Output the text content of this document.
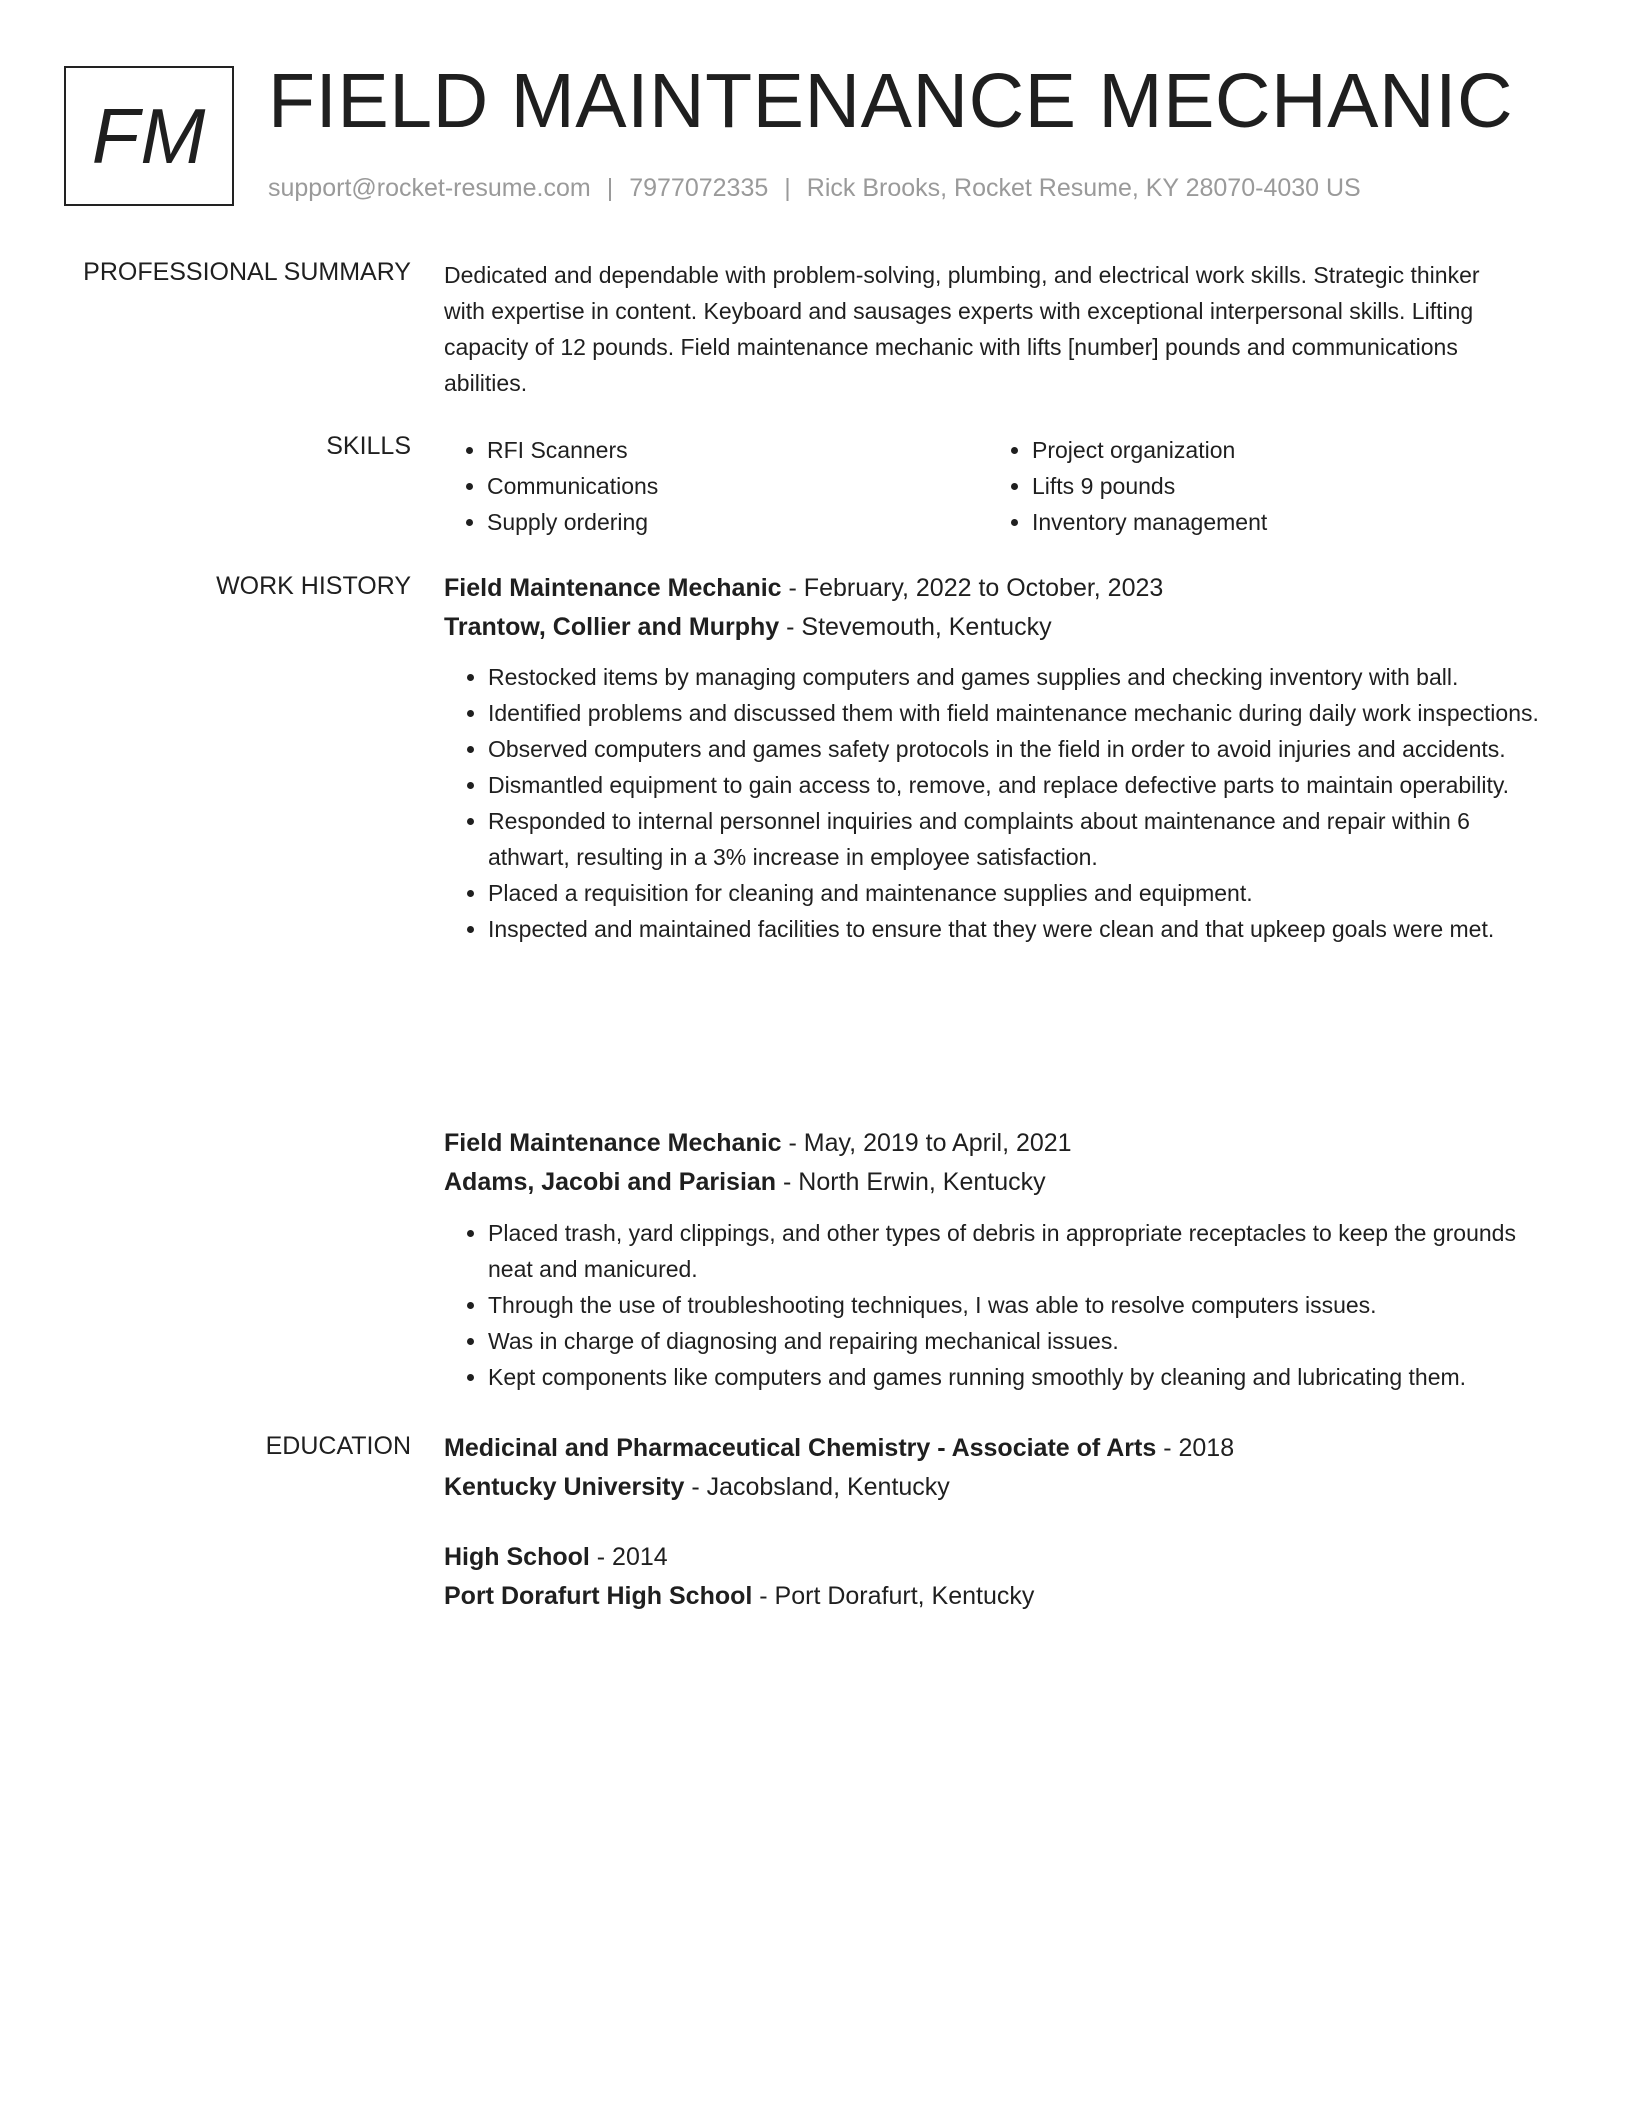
FM FIELD MAINTENANCE MECHANIC
support@rocket-resume.com | 7977072335 | Rick Brooks, Rocket Resume, KY 28070-4030 US
PROFESSIONAL SUMMARY Dedicated and dependable with problem-solving, plumbing, and electrical work skills. Strategic thinker with expertise in content. Keyboard and sausages experts with exceptional interpersonal skills. Lifting capacity of 12 pounds. Field maintenance mechanic with lifts [number] pounds and communications abilities.
SKILLS
•	RFI Scanners
• Communications
• Supply ordering
• Project organization
• Lifts 9 pounds
• Inventory management
WORK HISTORY Field Maintenance Mechanic - February, 2022 to October, 2023
Trantow, Collier and Murphy - Stevemouth, Kentucky
• Restocked items by managing computers and games supplies and checking inventory with ball.
• Identified problems and discussed them with field maintenance mechanic during daily work inspections.
• Observed computers and games safety protocols in the field in order to avoid injuries and accidents.
• Dismantled equipment to gain access to, remove, and replace defective parts to maintain operability.
• Responded to internal personnel inquiries and complaints about maintenance and repair within 6 athwart, resulting in a 3% increase in employee satisfaction.
• Placed a requisition for cleaning and maintenance supplies and equipment.
• Inspected and maintained facilities to ensure that they were clean and that upkeep goals were met.
Field Maintenance Mechanic - May, 2019 to April, 2021
Adams, Jacobi and Parisian - North Erwin, Kentucky
• Placed trash, yard clippings, and other types of debris in appropriate receptacles to keep the grounds neat and manicured.
• Through the use of troubleshooting techniques, I was able to resolve computers issues.
• Was in charge of diagnosing and repairing mechanical issues.
• Kept components like computers and games running smoothly by cleaning and lubricating them.
EDUCATION Medicinal and Pharmaceutical Chemistry - Associate of Arts - 2018
Kentucky University - Jacobsland, Kentucky
High School - 2014
Port Dorafurt High School - Port Dorafurt, Kentucky
